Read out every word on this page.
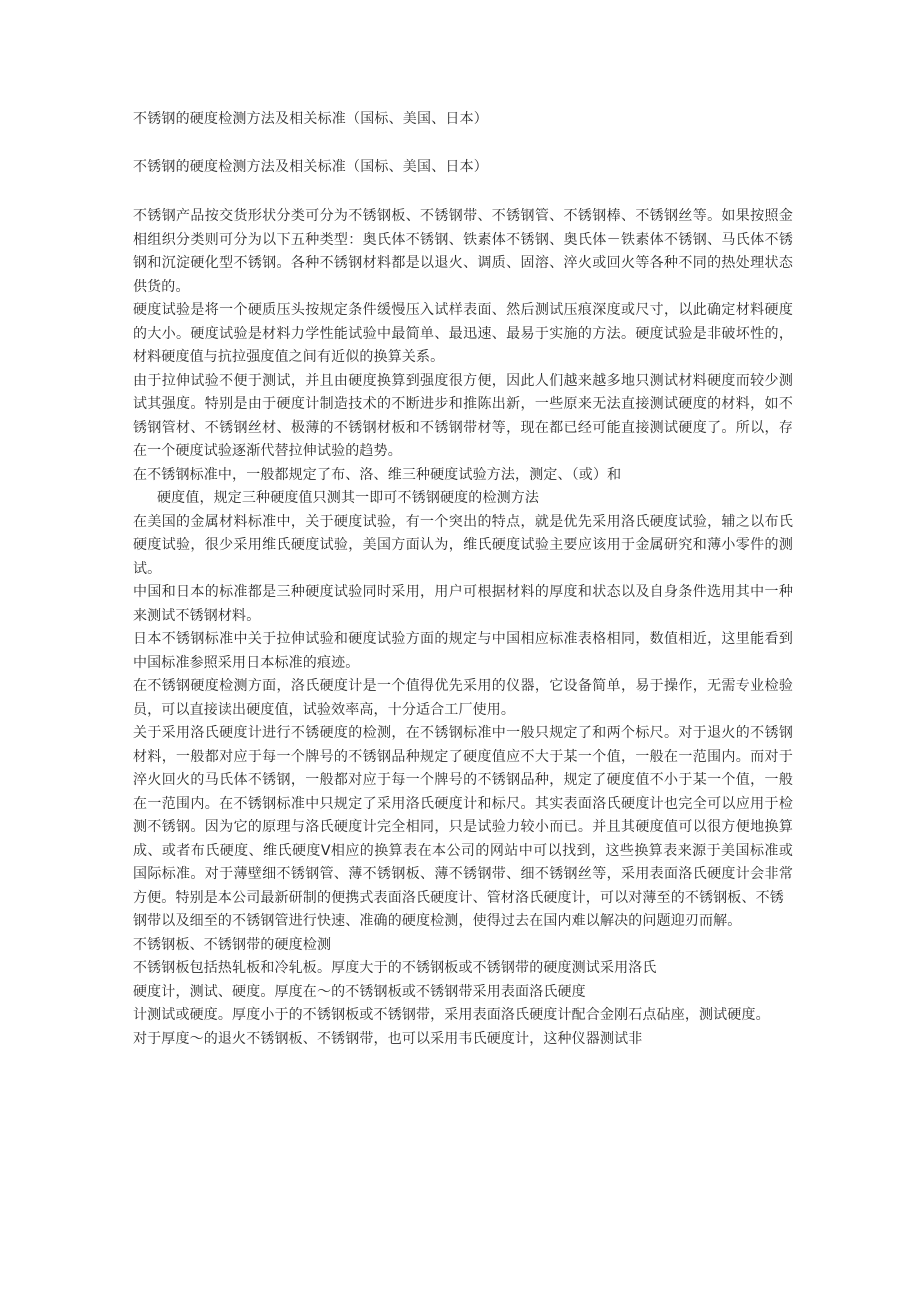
不锈钢的硬度检测方法及相关标准（国标、美国、日本）
不锈钢的硬度检测方法及相关标准（国标、美国、日本）

不锈钢产品按交货形状分类可分为不锈钢板、不锈钢带、不锈钢管、不锈钢棒、不锈钢丝等。如果按照金相组织分类则可分为以下五种类型：奥氏体不锈钢、铁素体不锈钢、奥氏体－铁素体不锈钢、马氏体不锈钢和沉淀硬化型不锈钢。各种不锈钢材料都是以退火、调质、固溶、淬火或回火等各种不同的热处理状态供货的。

硬度试验是将一个硬质压头按规定条件缓慢压入试样表面、然后测试压痕深度或尺寸，以此确定材料硬度的大小。硬度试验是材料力学性能试验中最简单、最迅速、最易于实施的方法。硬度试验是非破坏性的，材料硬度值与抗拉强度值之间有近似的换算关系。

由于拉伸试验不便于测试，并且由硬度换算到强度很方便，因此人们越来越多地只测试材料硬度而较少测试其强度。特别是由于硬度计制造技术的不断进步和推陈出新，一些原来无法直接测试硬度的材料，如不锈钢管材、不锈钢丝材、极薄的不锈钢材板和不锈钢带材等，现在都已经可能直接测试硬度了。所以，存在一个硬度试验逐渐代替拉伸试验的趋势。

在不锈钢标准中，一般都规定了布、洛、维三种硬度试验方法，测定、（或）和

硬度值，规定三种硬度值只测其一即可不锈钢硬度的检测方法

在美国的金属材料标准中，关于硬度试验，有一个突出的特点，就是优先采用洛氏硬度试验，辅之以布氏硬度试验，很少采用维氏硬度试验，美国方面认为，维氏硬度试验主要应该用于金属研究和薄小零件的测试。

中国和日本的标准都是三种硬度试验同时采用，用户可根据材料的厚度和状态以及自身条件选用其中一种来测试不锈钢材料。

日本不锈钢标准中关于拉伸试验和硬度试验方面的规定与中国相应标准表格相同，数值相近，这里能看到中国标准参照采用日本标准的痕迹。

在不锈钢硬度检测方面，洛氏硬度计是一个值得优先采用的仪器，它设备简单，易于操作，无需专业检验员，可以直接读出硬度值，试验效率高，十分适合工厂使用。

关于采用洛氏硬度计进行不锈硬度的检测，在不锈钢标准中一般只规定了和两个标尺。对于退火的不锈钢材料，一般都对应于每一个牌号的不锈钢品种规定了硬度值应不大于某一个值，一般在一范围内。而对于淬火回火的马氏体不锈钢，一般都对应于每一个牌号的不锈钢品种，规定了硬度值不小于某一个值，一般在一范围内。在不锈钢标准中只规定了采用洛氏硬度计和标尺。其实表面洛氏硬度计也完全可以应用于检测不锈钢。因为它的原理与洛氏硬度计完全相同，只是试验力较小而已。并且其硬度值可以很方便地换算成、或者布氏硬度、维氏硬度V相应的换算表在本公司的网站中可以找到，这些换算表来源于美国标准或国际标准。对于薄壁细不锈钢管、薄不锈钢板、薄不锈钢带、细不锈钢丝等，采用表面洛氏硬度计会非常方便。特别是本公司最新研制的便携式表面洛氏硬度计、管材洛氏硬度计，可以对薄至的不锈钢板、不锈

钢带以及细至的不锈钢管进行快速、准确的硬度检测，使得过去在国内难以解决的问题迎刃而解。

不锈钢板、不锈钢带的硬度检测

不锈钢板包括热轧板和冷轧板。厚度大于的不锈钢板或不锈钢带的硬度测试采用洛氏

硬度计，测试、硬度。厚度在～的不锈钢板或不锈钢带采用表面洛氏硬度

计测试或硬度。厚度小于的不锈钢板或不锈钢带，采用表面洛氏硬度计配合金刚石点砧座，测试硬度。

对于厚度～的退火不锈钢板、不锈钢带，也可以采用韦氏硬度计，这种仪器测试非
